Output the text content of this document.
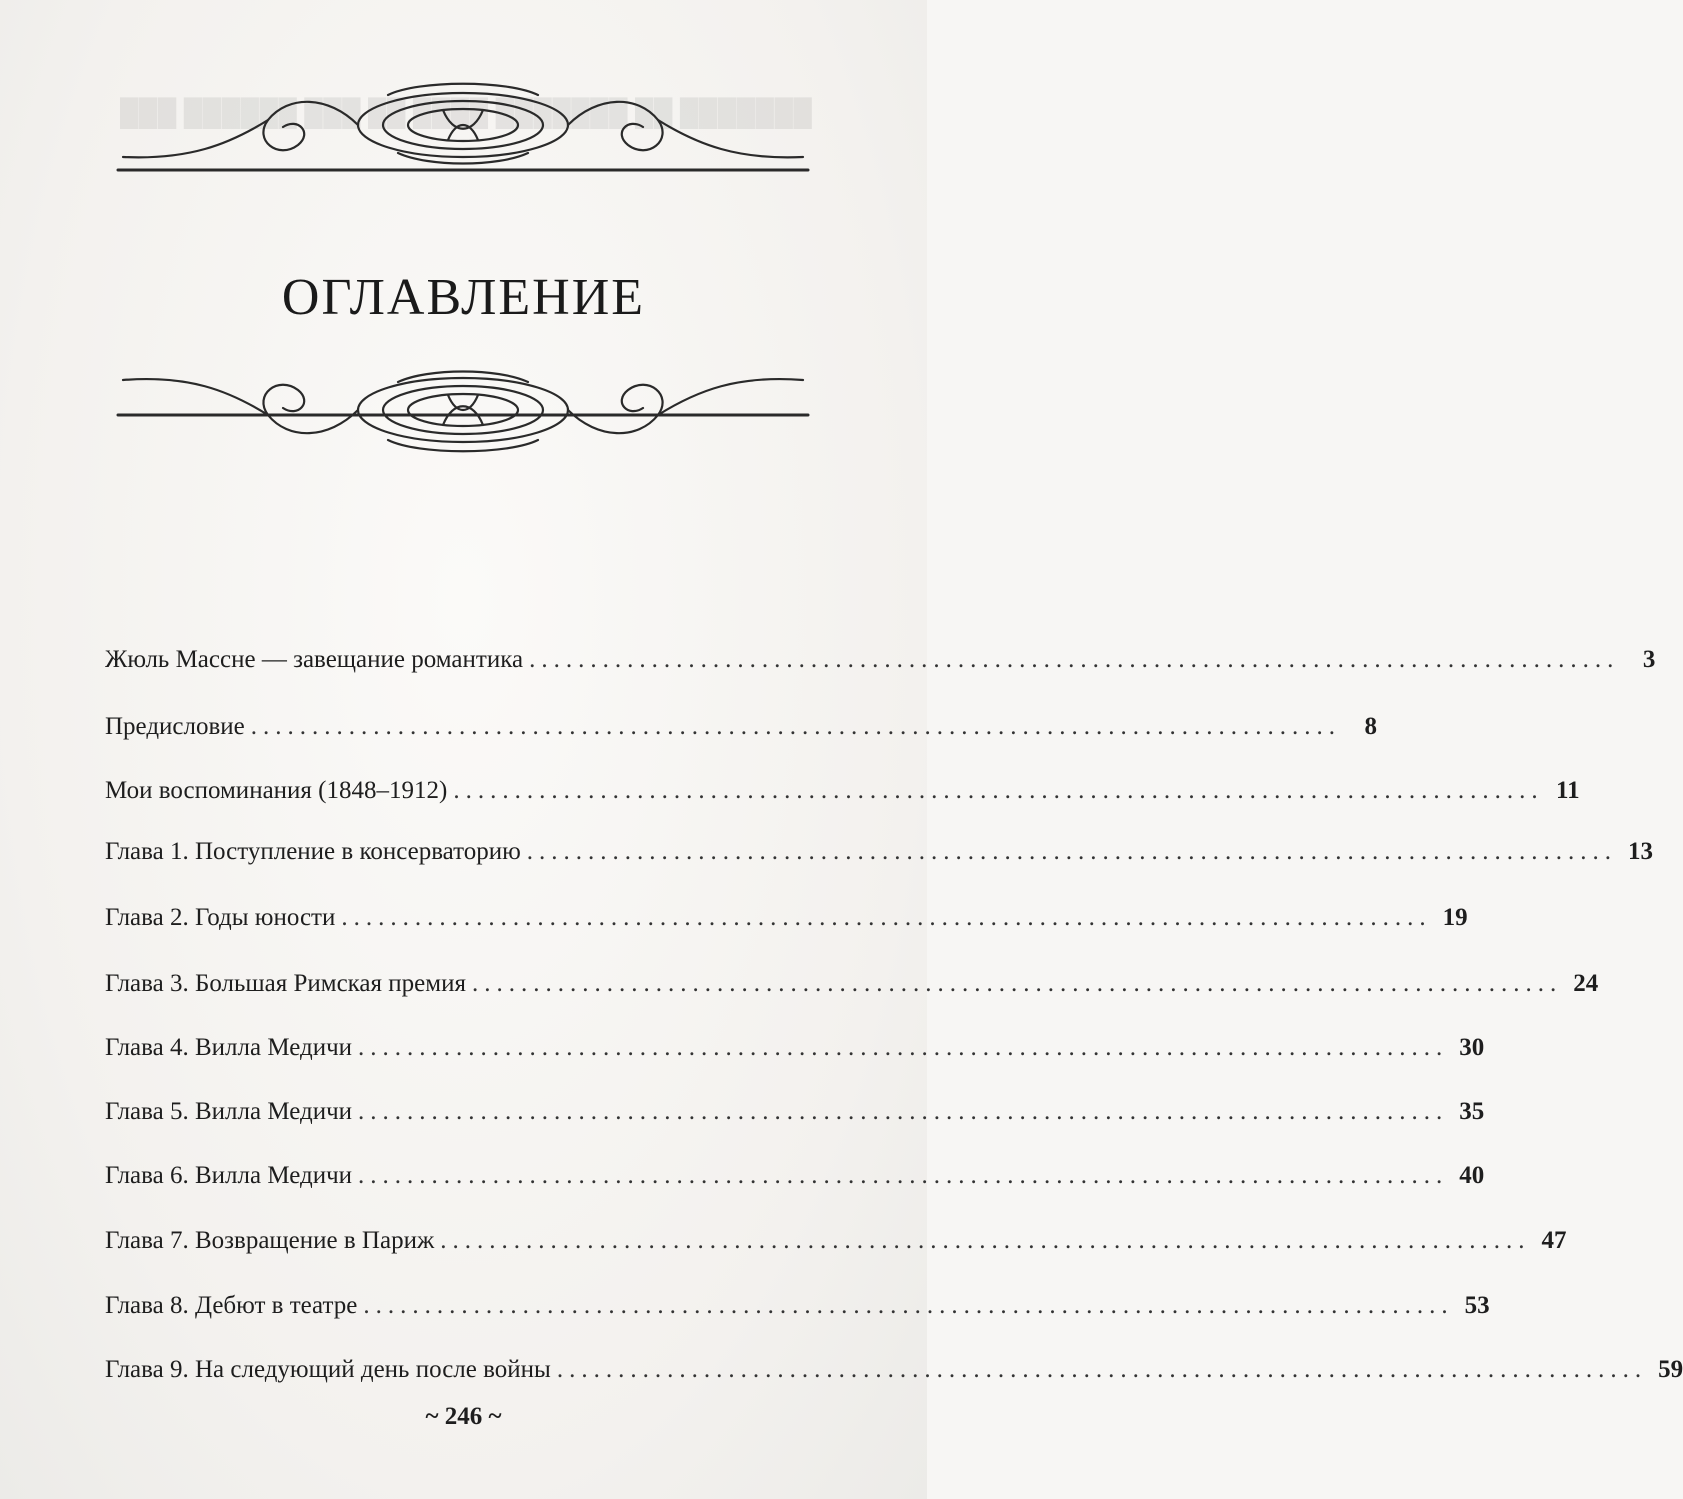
███ ██████ ███ ██ ████ ███████ ██ ███████
ОГЛАВЛЕНИЕ
Жюль Массне — завещание романтика ......................................................................................... 3
Предисловие ......................................................................................... 8
Мои воспоминания (1848–1912) ......................................................................................... 11
Глава 1. Поступление в консерваторию ......................................................................................... 13
Глава 2. Годы юности ......................................................................................... 19
Глава 3. Большая Римская премия ......................................................................................... 24
Глава 4. Вилла Медичи ......................................................................................... 30
Глава 5. Вилла Медичи ......................................................................................... 35
Глава 6. Вилла Медичи ......................................................................................... 40
Глава 7. Возвращение в Париж ......................................................................................... 47
Глава 8. Дебют в театре ......................................................................................... 53
Глава 9. На следующий день после войны ......................................................................................... 59
~ 246 ~
